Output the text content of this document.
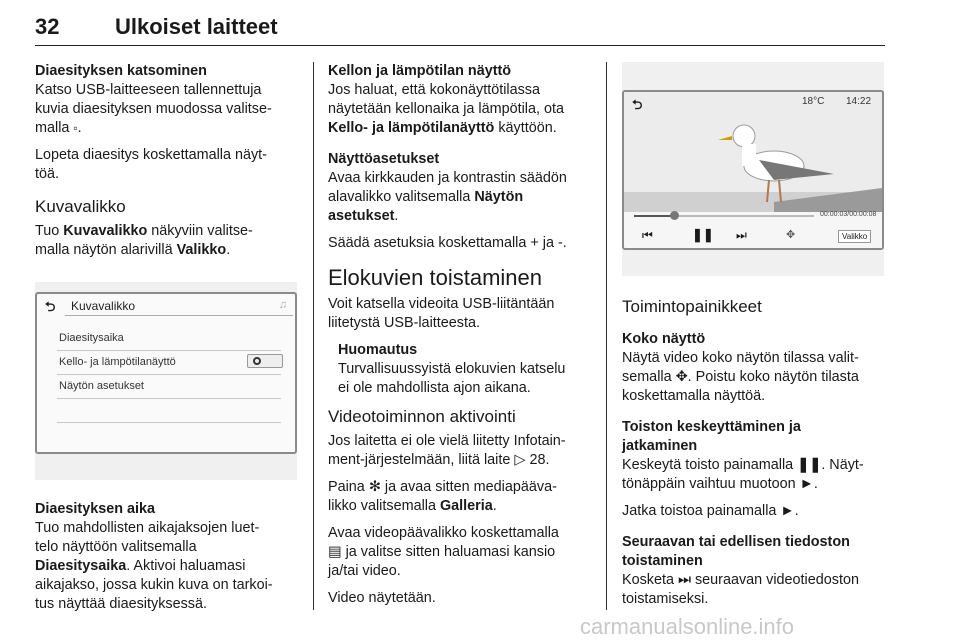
32	Ulkoiset laitteet
Diaesityksen katsominen
Katso USB-laitteeseen tallennettuja
kuvia diaesityksen muodossa valitse-
malla ▫.
Lopeta diaesitys koskettamalla näyt-
töä.
Kuvavalikko
Tuo Kuvavalikko näkyviin valitse-
malla näytön alarivillä Valikko.
⮌ Kuvavalikko	♫
Diaesitysaika
Kello- ja lämpötilanäyttö
Näytön asetukset
Diaesityksen aika
Tuo mahdollisten aikajaksojen luet-
telo näyttöön valitsemalla
Diaesitysaika. Aktivoi haluamasi
aikajakso, jossa kukin kuva on tarkoi-
tus näyttää diaesityksessä.
Kellon ja lämpötilan näyttö
Jos haluat, että kokonäyttötilassa
näytetään kellonaika ja lämpötila, ota
Kello- ja lämpötilanäyttö käyttöön.
Näyttöasetukset
Avaa kirkkauden ja kontrastin säädön
alavalikko valitsemalla Näytön
asetukset.
Säädä asetuksia koskettamalla + ja -.
Elokuvien toistaminen
Voit katsella videoita USB-liitäntään
liitetystä USB-laitteesta.
Huomautus
Turvallisuussyistä elokuvien katselu
ei ole mahdollista ajon aikana.
Videotoiminnon aktivointi
Jos laitetta ei ole vielä liitetty Infotain-
ment-järjestelmään, liitä laite ▷ 28.
Paina ✻ ja avaa sitten mediapääva-
likko valitsemalla Galleria.
Avaa videopäävalikko koskettamalla
▤ ja valitse sitten haluamasi kansio
ja/tai video.
Video näytetään.
⮌	18°C 14:22
00:00:03/00:00:08
⏮	❚❚ ⏭	✥	Valikko
Toimintopainikkeet
Koko näyttö
Näytä video koko näytön tilassa valit-
semalla ✥. Poistu koko näytön tilasta
koskettamalla näyttöä.
Toiston keskeyttäminen ja
jatkaminen
Keskeytä toisto painamalla ❚❚. Näyt-
tönäppäin vaihtuu muotoon ►.
Jatka toistoa painamalla ►.
Seuraavan tai edellisen tiedoston
toistaminen
Kosketa ⏭ seuraavan videotiedoston
toistamiseksi.
carmanualsonline.info
